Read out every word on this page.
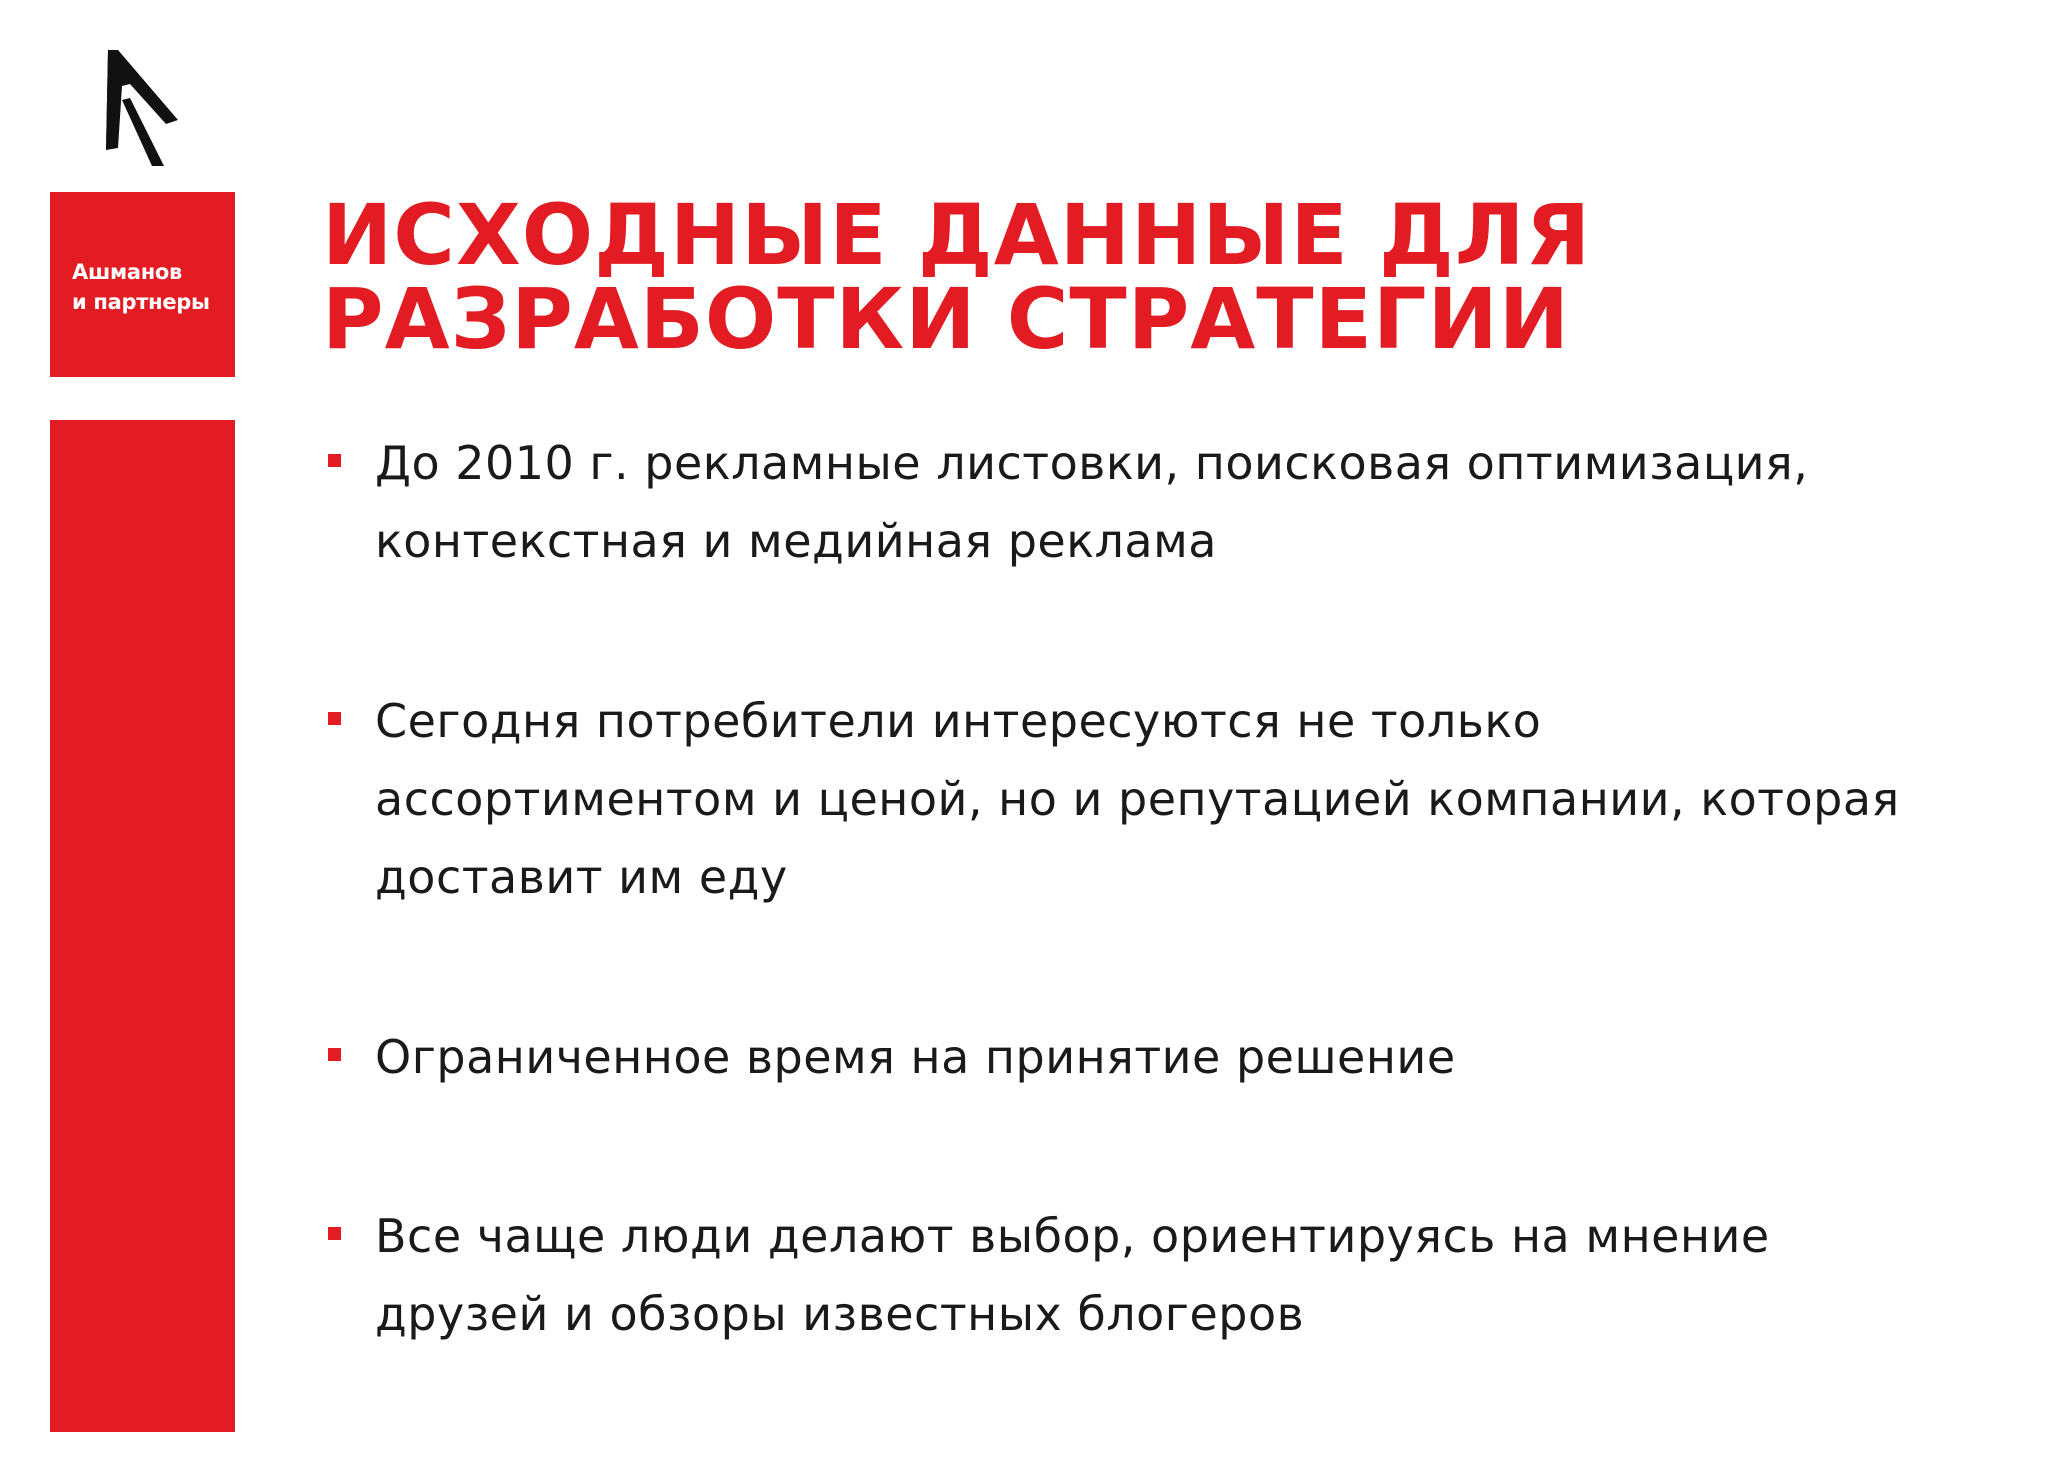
Ашманов
и партнеры
ИСХОДНЫЕ ДАННЫЕ ДЛЯ
РАЗРАБОТКИ СТРАТЕГИИ

До 2010 г. рекламные листовки, поисковая оптимизация,
контекстная и медийная реклама

Сегодня потребители интересуются не только
ассортиментом и ценой, но и репутацией компании, которая
доставит им еду

Ограниченное время на принятие решение

Все чаще люди делают выбор, ориентируясь на мнение
друзей и обзоры известных блогеров
